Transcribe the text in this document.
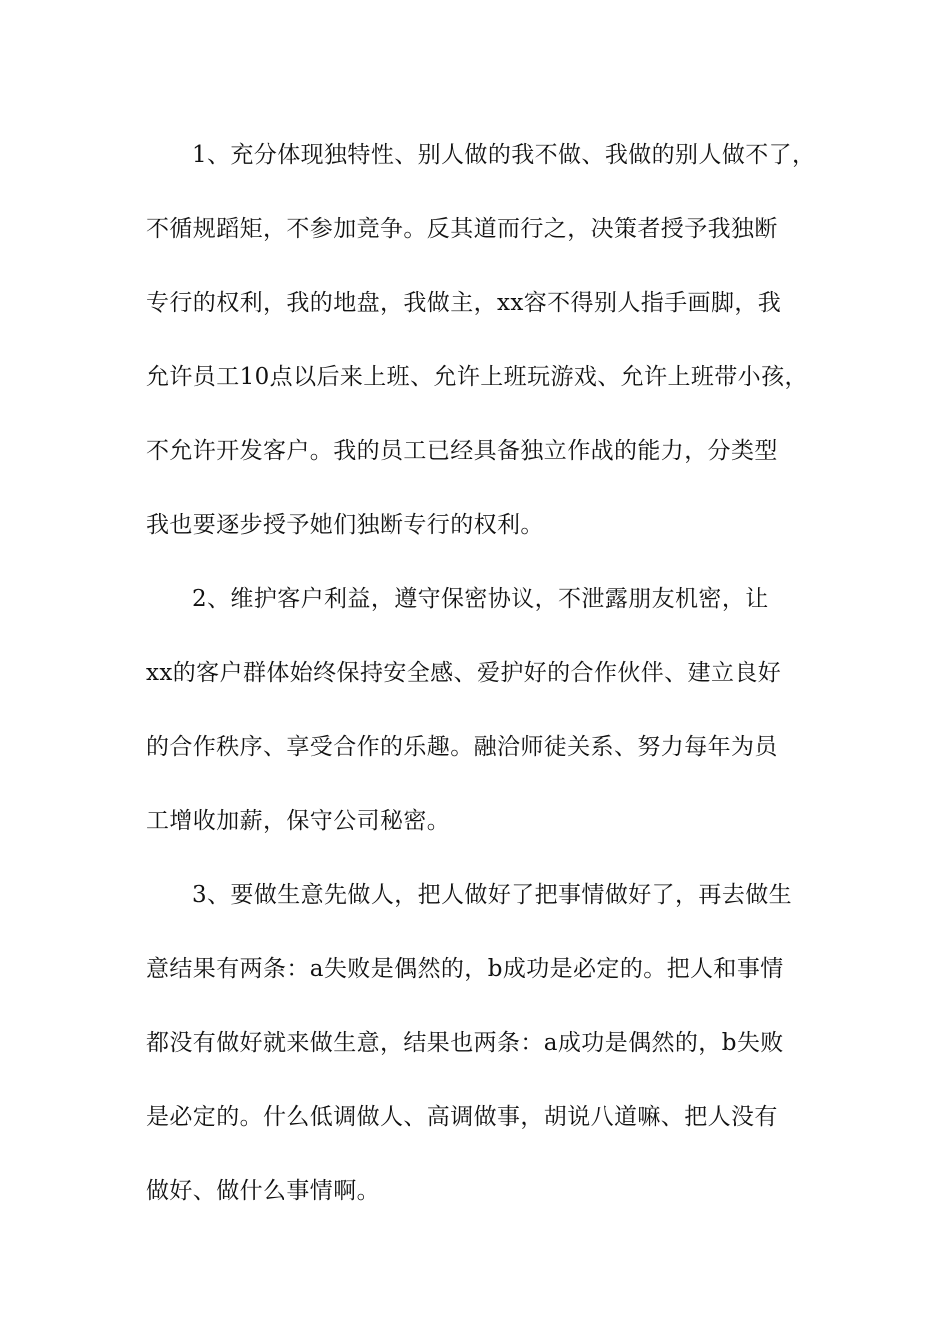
1、充分体现独特性、别人做的我不做、我做的别人做不了，
不循规蹈矩，不参加竞争。反其道而行之，决策者授予我独断
专行的权利，我的地盘，我做主，xx容不得别人指手画脚，我
允许员工10点以后来上班、允许上班玩游戏、允许上班带小孩，
不允许开发客户。我的员工已经具备独立作战的能力，分类型
我也要逐步授予她们独断专行的权利。
2、维护客户利益，遵守保密协议，不泄露朋友机密，让
xx的客户群体始终保持安全感、爱护好的合作伙伴、建立良好
的合作秩序、享受合作的乐趣。融洽师徒关系、努力每年为员
工增收加薪，保守公司秘密。
3、要做生意先做人，把人做好了把事情做好了，再去做生
意结果有两条：a失败是偶然的，b成功是必定的。把人和事情
都没有做好就来做生意，结果也两条：a成功是偶然的，b失败
是必定的。什么低调做人、高调做事，胡说八道嘛、把人没有
做好、做什么事情啊。
